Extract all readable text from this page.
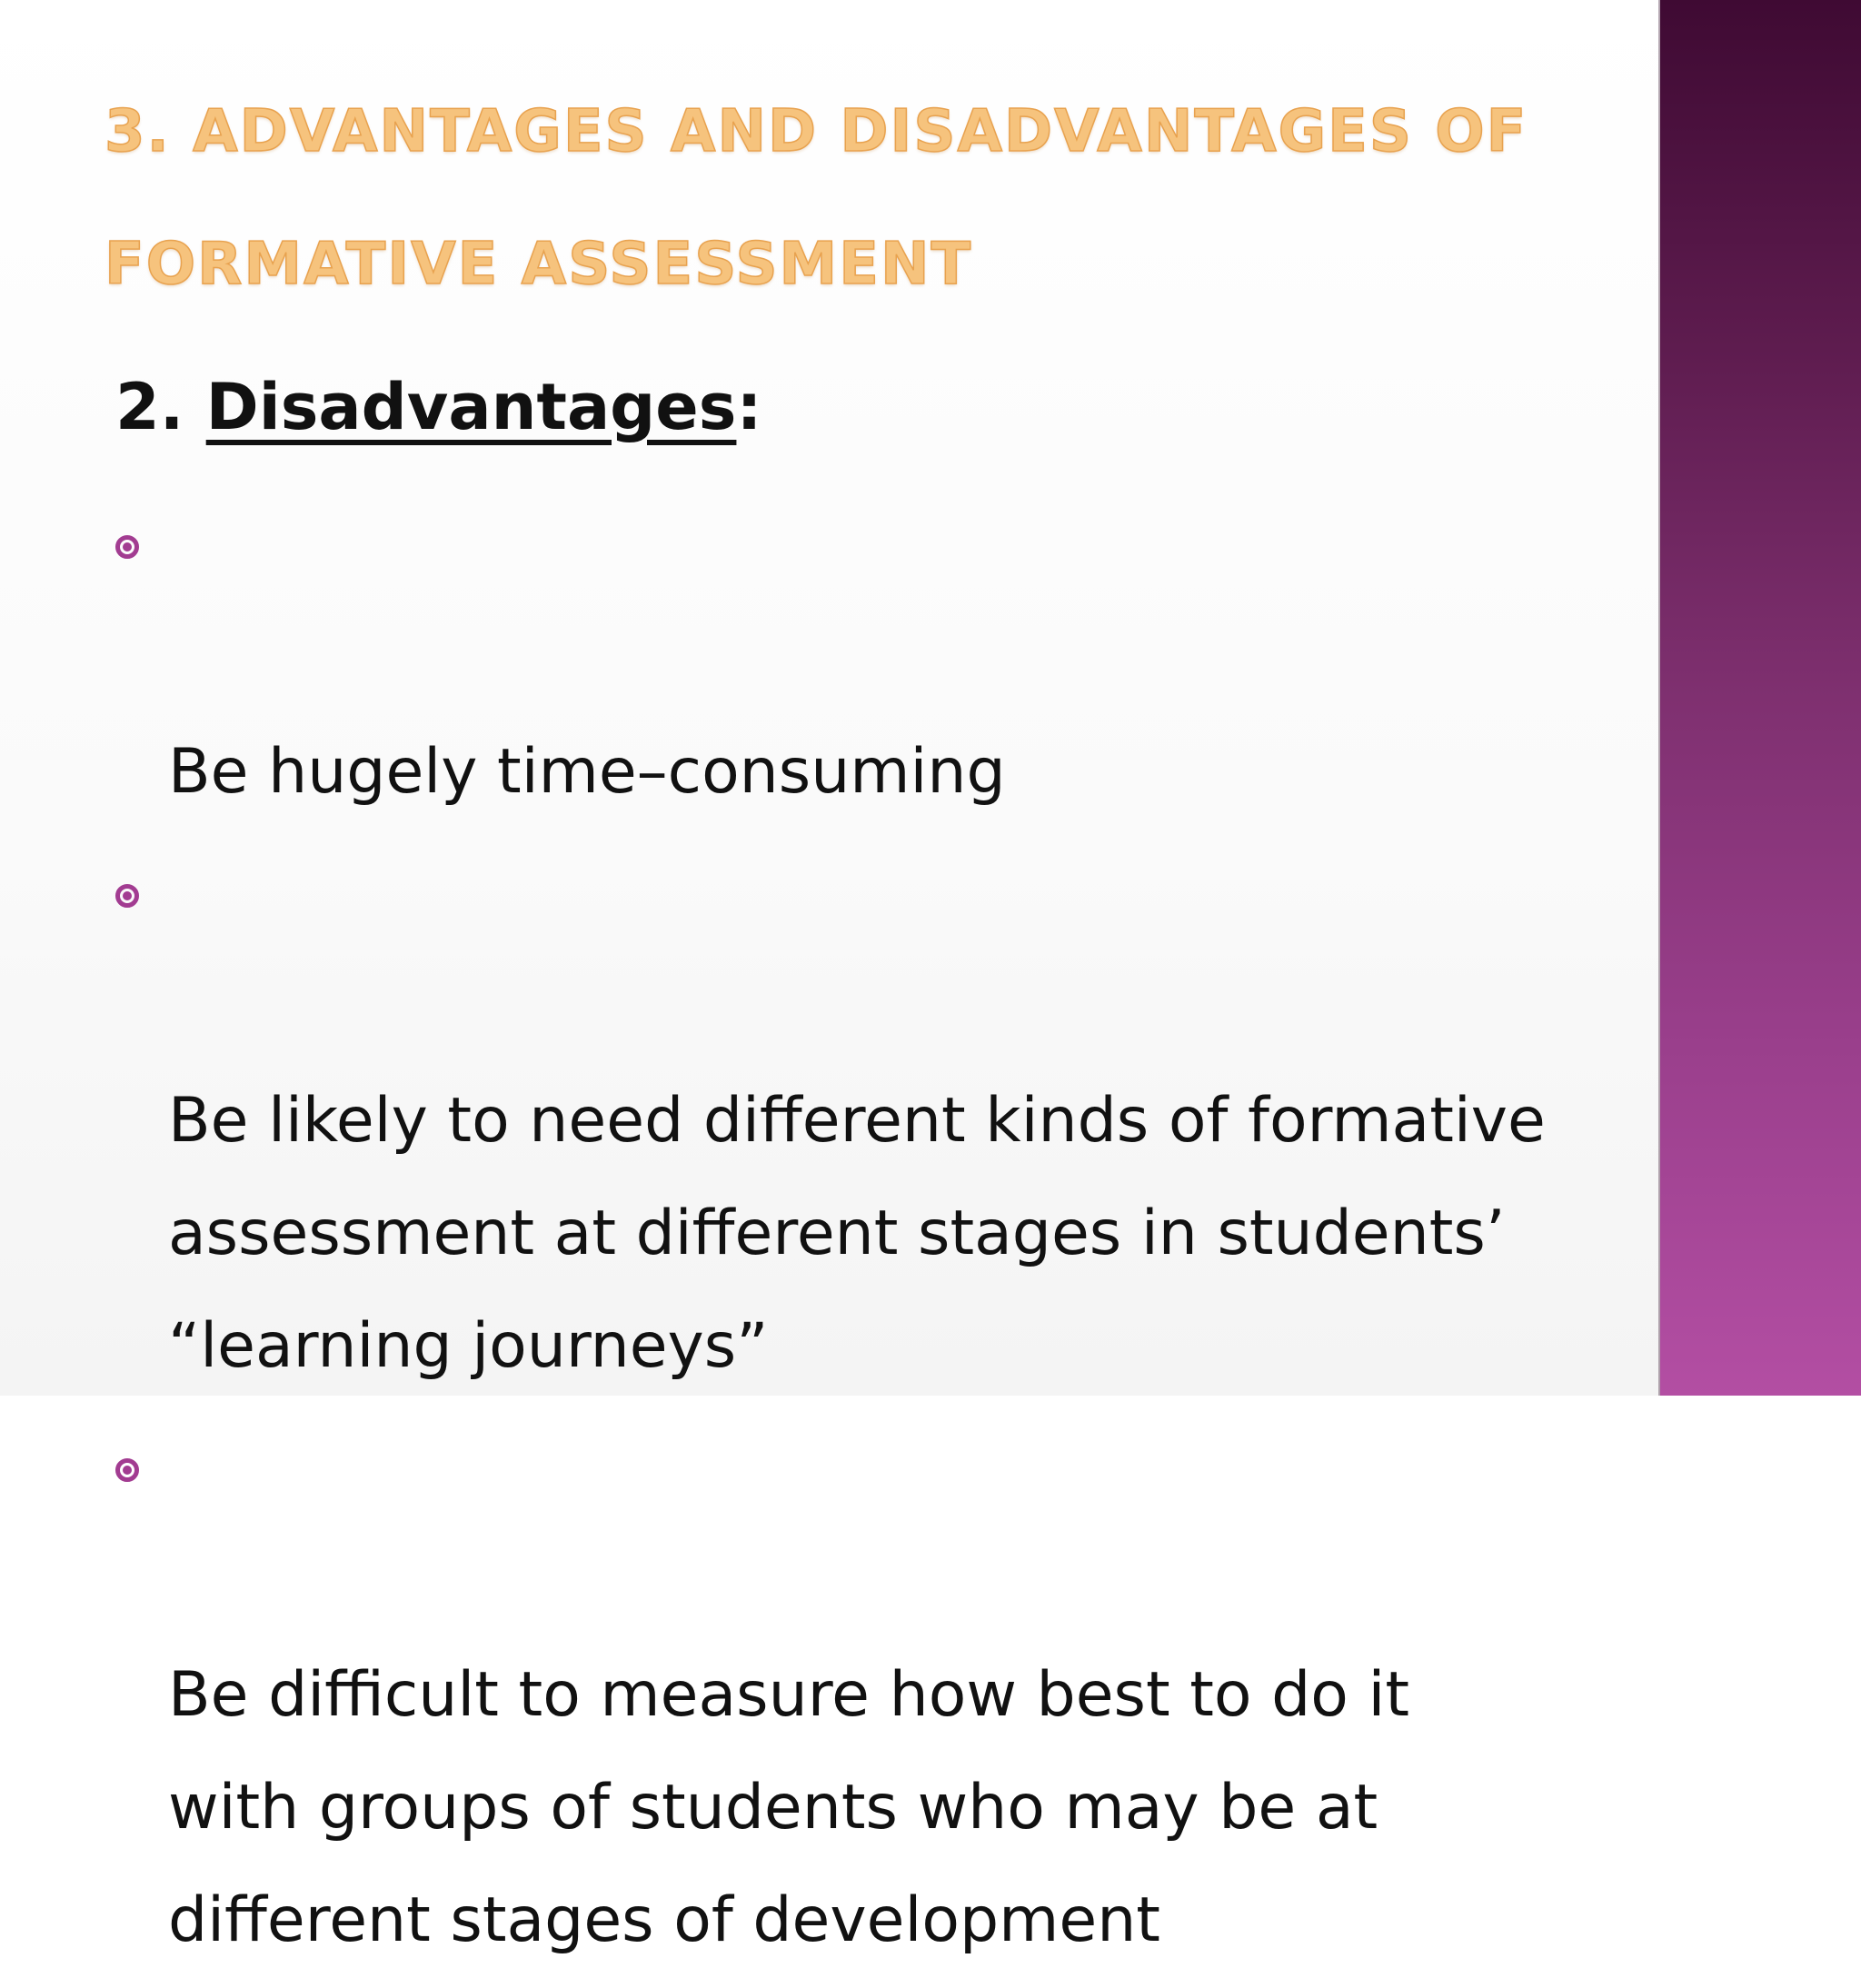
3. ADVANTAGES AND DISADVANTAGES OF FORMATIVE ASSESSMENT
2. Disadvantages:

Be hugely time–consuming

Be likely to need different kinds of formative
assessment at different stages in students’
“learning journeys”

Be difficult to measure how best to do it
with groups of students who may be at
different stages of development
